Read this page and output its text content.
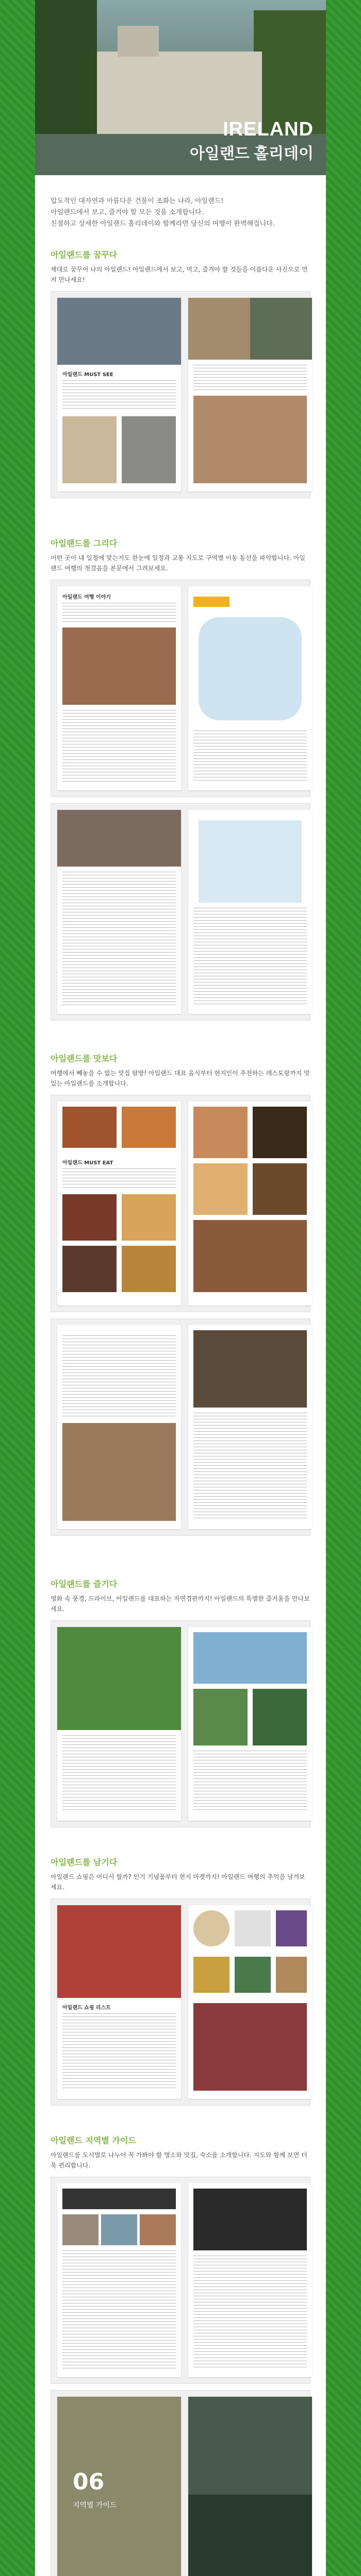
IRELAND
아일랜드 홀리데이
압도적인 대자연과 아름다운 건물이 조화는 나라, 아일랜드!
아일랜드에서 보고, 즐겨야 할 모든 것을 소개합니다.
친절하고 상세한 아일랜드 홀리데이와 함께라면 당신의 여행이 완벽해집니다.
아일랜드를 꿈꾸다
제대로 꿈꾸어 나의 아일랜드! 아일랜드에서 보고, 먹고, 즐겨야 할 것들을 이름다운 사진으로 먼저 만나세요!
아일랜드 MUST SEE
아일랜드를 그리다
어떤 곳이 내 일정에 맞는지도 한눈에 일정과 교통 지도로 구역별 이동 동선을 파악합니다. 아일랜드 여행의 첫걸음을 본문에서 그려보세요.
아일랜드 여행 이야기
아일랜드를 맛보다
여행에서 빼놓을 수 없는 맛집 탐방! 아일랜드 대표 음식부터 현지인이 추천하는 레스토랑까지 맛있는 아일랜드를 소개합니다.
아일랜드 MUST EAT
아일랜드를 즐기다
영화 속 풍경, 드라이브, 아일랜드를 대표하는 자연경관까지! 아일랜드의 특별한 즐거움을 만나보세요.
아일랜드를 남기다
아일랜드 쇼핑은 어디서 할까? 인기 기념품부터 현지 마켓까지! 아일랜드 여행의 추억을 남겨보세요.
아일랜드 쇼핑 리스트
아일랜드 지역별 가이드
아일랜드를 도시별로 나누어 꼭 가봐야 할 명소와 맛집, 숙소를 소개합니다. 지도와 함께 보면 더욱 편리합니다.
06
지역별 가이드
